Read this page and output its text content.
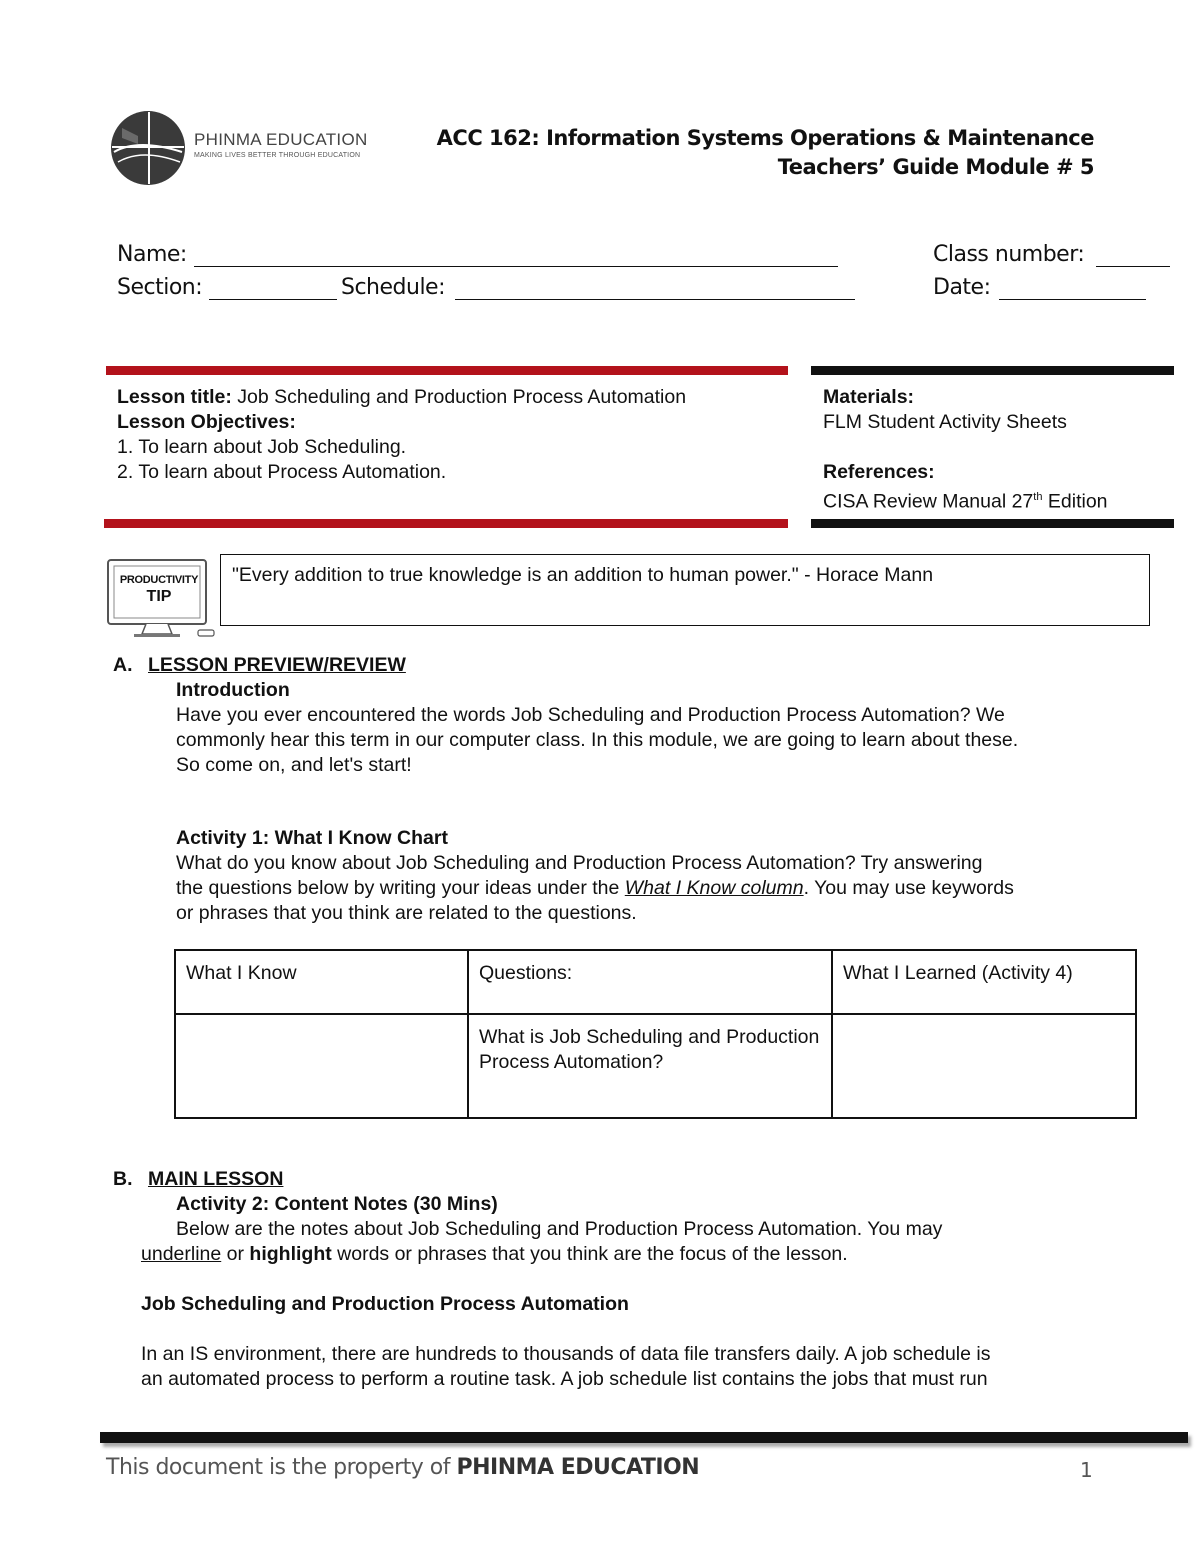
PHINMA EDUCATION
MAKING LIVES BETTER THROUGH EDUCATION
ACC 162: Information Systems Operations & Maintenance
Teachers’ Guide Module # 5
Name:	Class number:
Section:	Schedule:	Date:
Lesson title: Job Scheduling and Production Process Automation
Lesson Objectives:
1. To learn about Job Scheduling.
2. To learn about Process Automation.
Materials:
FLM Student Activity Sheets
References:
CISA Review Manual 27th Edition
PRODUCTIVITY
TIP
"Every addition to true knowledge is an addition to human power." - Horace Mann
A. LESSON PREVIEW/REVIEW
Introduction
Have you ever encountered the words Job Scheduling and Production Process Automation? We
commonly hear this term in our computer class. In this module, we are going to learn about these.
So come on, and let's start!
Activity 1: What I Know Chart
What do you know about Job Scheduling and Production Process Automation? Try answering
the questions below by writing your ideas under the What I Know column. You may use keywords
or phrases that you think are related to the questions.
What I Know	Questions:	What I Learned (Activity 4)
	What is Job Scheduling and Production Process Automation?	
B. MAIN LESSON
Activity 2: Content Notes (30 Mins)
Below are the notes about Job Scheduling and Production Process Automation. You may
underline or highlight words or phrases that you think are the focus of the lesson.
Job Scheduling and Production Process Automation
In an IS environment, there are hundreds to thousands of data file transfers daily. A job schedule is
an automated process to perform a routine task. A job schedule list contains the jobs that must run
This document is the property of PHINMA EDUCATION	1
